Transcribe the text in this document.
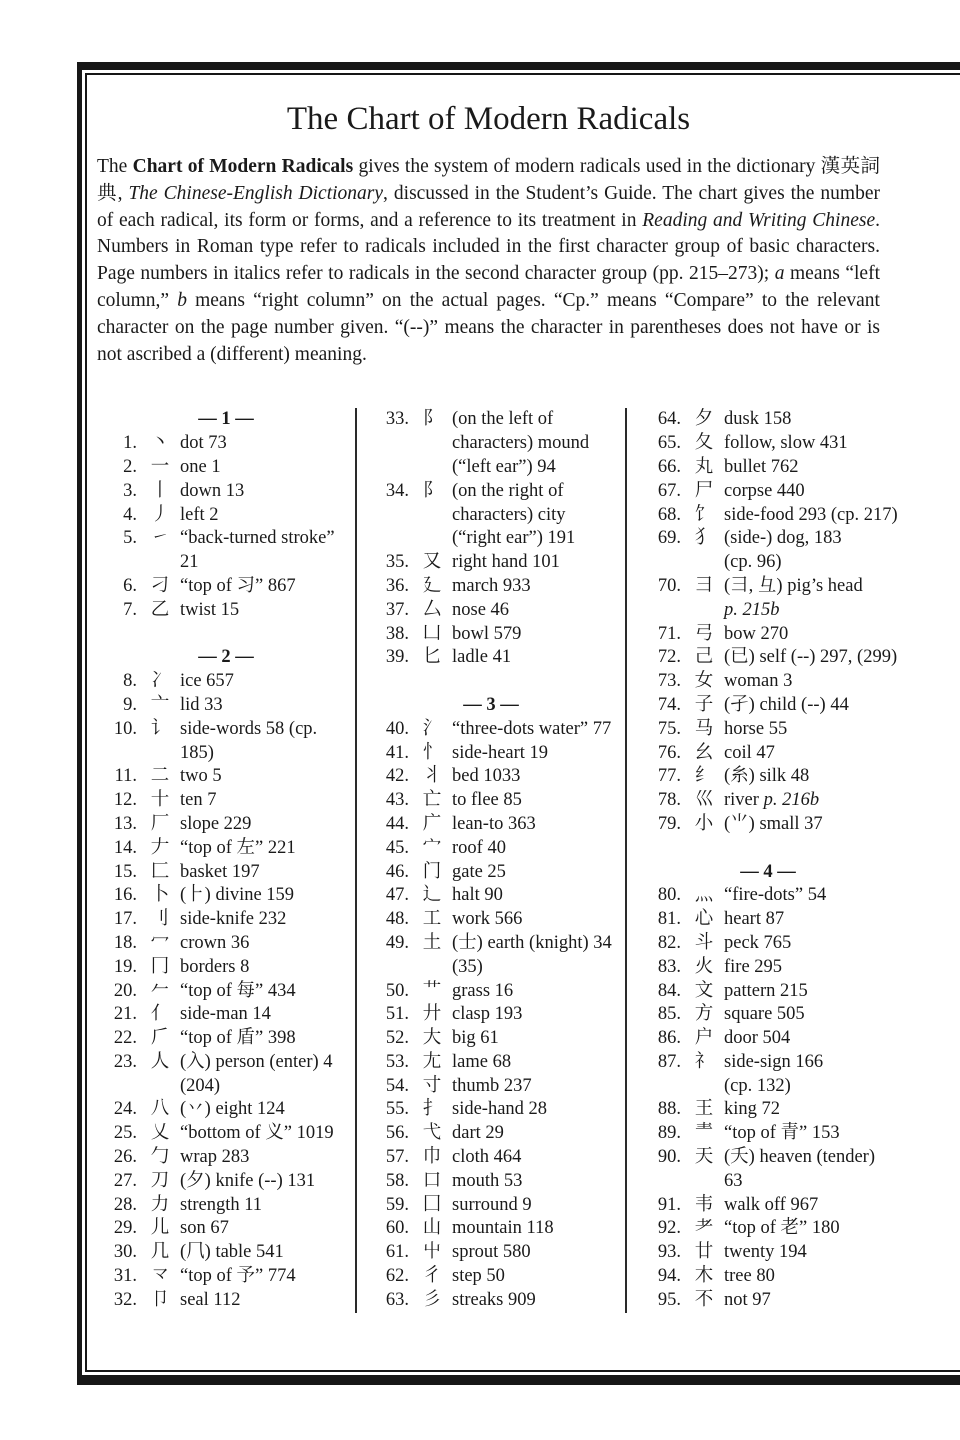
The Chart of Modern Radicals

The Chart of Modern Radicals gives the system of modern radicals used in the dictionary 漢英詞典, The Chinese-English Dictionary, discussed in the Student’s Guide. The chart gives the number of each radical, its form or forms, and a reference to its treatment in Reading and Writing Chinese. Numbers in Roman type refer to radicals included in the first character group of basic characters. Page numbers in italics refer to radicals in the second character group (pp. 215–273); a means “left column,” b means “right column” on the actual pages. “Cp.” means “Compare” to the relevant character on the page number given. “(--)” means the character in parentheses does not have or is not ascribed a (different) meaning.

— 1 —
1. 丶 dot 73
2. 一 one 1
3. 丨 down 13
4. 丿 left 2
5. ㇀ “back-turned stroke”
21
6. 刁 “top of 习” 867
7. 乙 twist 15
— 2 —
8. 冫 ice 657
9. 亠 lid 33
10. 讠 side-words 58 (cp.
185)
11. 二 two 5
12. 十 ten 7
13. 厂 slope 229
14. 𠂇 “top of 左” 221
15. 匚 basket 197
16. 卜 (⺊) divine 159
17. 刂 side-knife 232
18. 冖 crown 36
19. 冂 borders 8
20. 𠂉 “top of 每” 434
21. 亻 side-man 14
22. 𠂆 “top of 盾” 398
23. 人 (入) person (enter) 4
(204)
24. 八 (丷) eight 124
25. 乂 “bottom of 义” 1019
26. 勹 wrap 283
27. 刀 (夕) knife (--) 131
28. 力 strength 11
29. 儿 son 67
30. 几 (⺇) table 541
31. 龴 “top of 予” 774
32. 卩 seal 112
33. 阝 (on the left of
characters) mound
(“left ear”) 94
34. 阝 (on the right of
characters) city
(“right ear”) 191
35. 又 right hand 101
36. 廴 march 933
37. 厶 nose 46
38. 凵 bowl 579
39. 匕 ladle 41
— 3 —
40. 氵 “three-dots water” 77
41. 忄 side-heart 19
42. 丬 bed 1033
43. 亡 to flee 85
44. 广 lean-to 363
45. 宀 roof 40
46. 门 gate 25
47. 辶 halt 90
48. 工 work 566
49. 土 (士) earth (knight) 34
(35)
50. 艹 grass 16
51. 廾 clasp 193
52. 大 big 61
53. 尢 lame 68
54. 寸 thumb 237
55. 扌 side-hand 28
56. 弋 dart 29
57. 巾 cloth 464
58. 口 mouth 53
59. 囗 surround 9
60. 山 mountain 118
61. 屮 sprout 580
62. 彳 step 50
63. 彡 streaks 909
64. 夕 dusk 158
65. 夂 follow, slow 431
66. 丸 bullet 762
67. 尸 corpse 440
68. 饣 side-food 293 (cp. 217)
69. 犭 (side-) dog, 183
(cp. 96)
70. 彐 (⺕, 彑) pig’s head
p. 215b
71. 弓 bow 270
72. 己 (已) self (--) 297, (299)
73. 女 woman 3
74. 子 (孑) child (--) 44
75. 马 horse 55
76. 幺 coil 47
77. 纟 (糸) silk 48
78. 巛 river p. 216b
79. 小 (⺌) small 37
— 4 —
80. 灬 “fire-dots” 54
81. 心 heart 87
82. 斗 peck 765
83. 火 fire 295
84. 文 pattern 215
85. 方 square 505
86. 户 door 504
87. 礻 side-sign 166
(cp. 132)
88. 王 king 72
89. 龶 “top of 青” 153
90. 天 (夭) heaven (tender)
63
91. 韦 walk off 967
92. 耂 “top of 老” 180
93. 廿 twenty 194
94. 木 tree 80
95. 不 not 97
